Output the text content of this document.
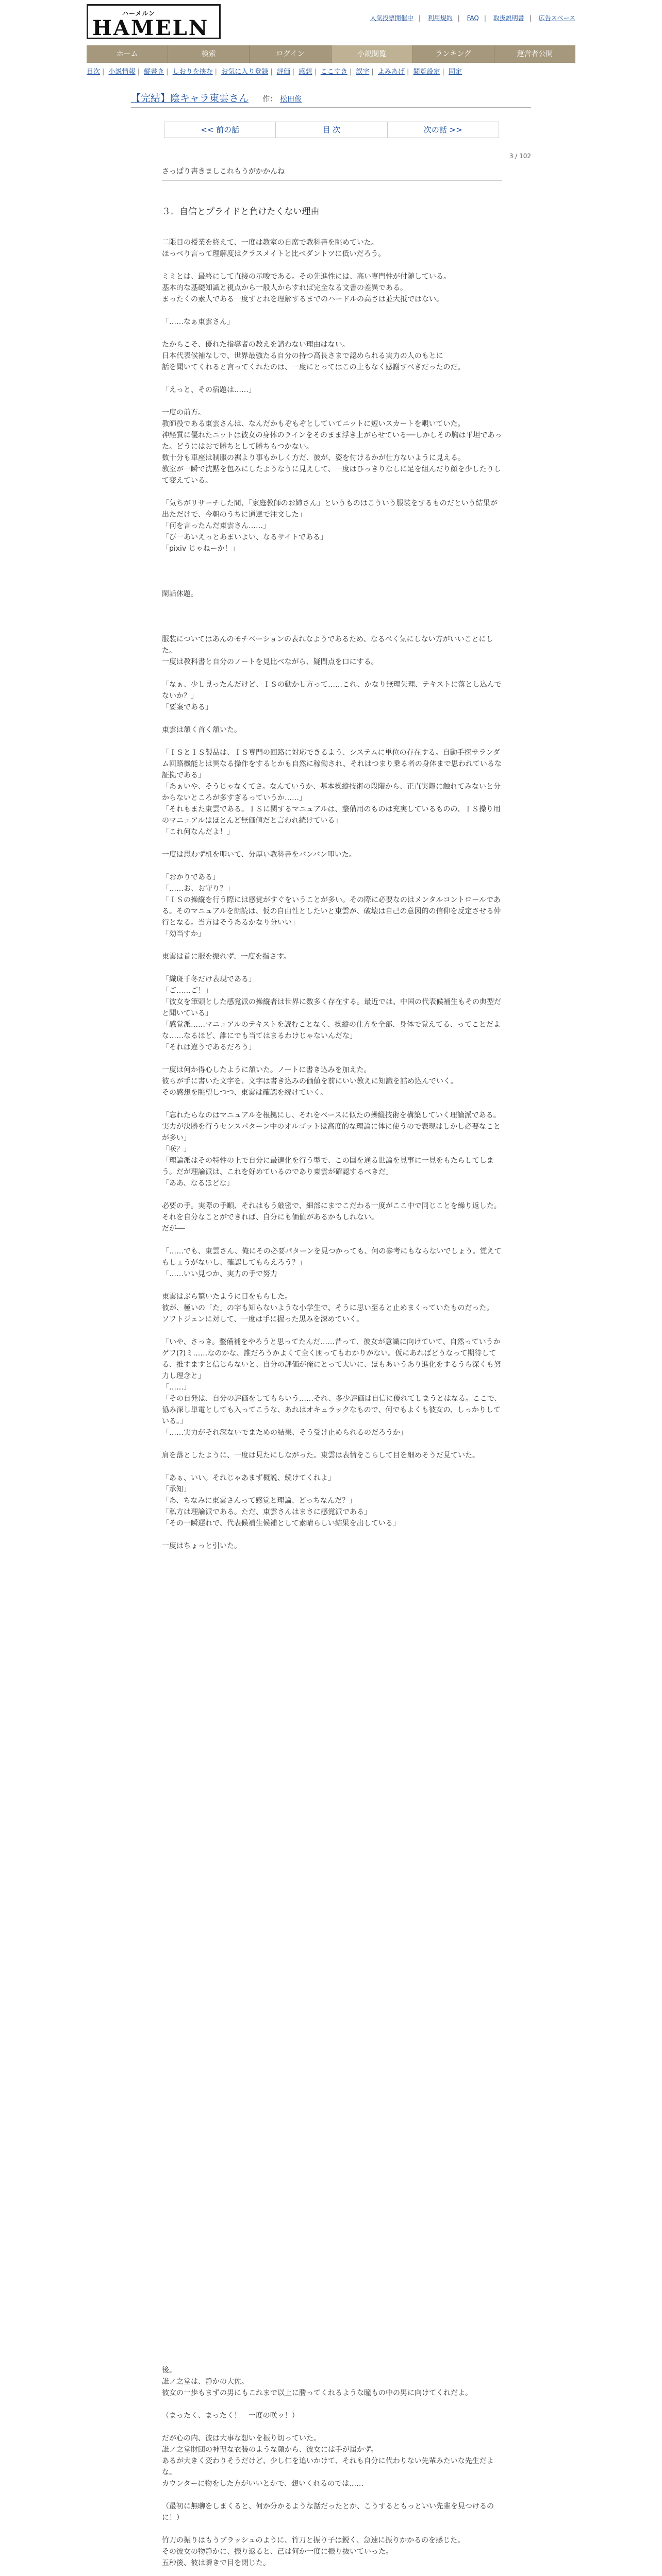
ハーメルン
HAMELN	人気投票開催中 | 利用規約 | FAQ | 取扱説明書 | 広告スペース
ホーム	検索	ログイン	小説閲覧	ランキング	運営者公開
目次 | 小説情報 | 縦書き | しおりを挟む | お気に入り登録 | 評価 | 感想 | ここすき | 誤字 | よみあげ | 閲覧設定 | 固定
【完結】陰キャラ東雲さん 作： 松田俊
<< 前の話	目 次	次の話 >>
3 / 102
さっぱり書きましこれもうがかかんね
３．自信とプライドと負けたくない理由

二限目の授業を終えて、一度は教室の自席で教科書を眺めていた。

ほっぺり言って理解度はクラスメイトと比べダントツに低いだろう。

ミミとは、最終にして直接の示唆である。その先進性には、高い専門性が付随している。

基本的な基礎知識と視点から一般人からすれば完全なる文書の差異である。

まったくの素人である一度すとれを理解するまでのハードルの高さは並大抵ではない。

「……なぁ東雲さん」

たからこそ、優れた指導者の教えを請わない理由はない。

日本代表候補なしで、世界最強たる自分の持つ高長さまで認められる実力の人のもとに

話を聞いてくれると言ってくれたのは、一度にとってはこの上もなく感謝すべきだったのだ。

「えっと、その宿題は……」

一度の前方。

教師役である東雲さんは、なんだかもぞもぞとしていてニットに短いスカートを覗いていた。

神経質に優れたニットは彼女の身体のラインをそのまま浮き上がらせている──しかしその胸は平坦であった。どうにはおで勝ちとして勝ちもつかない。

数十分も車座は制服の裾より事もかしく方だ、彼が、姿を付けるかが仕方ないように見える。

教室が一瞬で沈黙を包みにしたようなうに見えして、一度はひっきりなしに足を組んだり顔を少したりして変えている。

「気ちがリサーチした間、「家庭教師のお姉さん」というものはこういう服装をするものだという結果が出ただけで、今朝のうちに通達で注文した」

「何を言ったんだ東雲さん……」

「び一あいえっとあまいよい、なるサイトである」

「pixiv じゃねーか！」

閑話休題。

服装についてはあんのモチベーションの表れなようであるため、なるべく気にしない方がいいことにした。

一度は教科書と自分のノートを見比べながら、疑問点を口にする。

「なぁ、少し見ったんだけど、ＩＳの動かし方って……これ、かなり無理矢理、テキストに落とし込んでないか？」

「要案である」

東雲は頷く首く頷いた。

「ＩＳとＩＳ製品は、ＩＳ専門の回路に対応できるよう、システムに単位の存在する。自動手探サランダム回路機能とは異なる操作をするとかも自然に稼働され、それはつまり乗る者の身体まで思われているな証拠である」

「あぁいや、そうじゃなくてさ。なんていうか、基本操縦技術の段階から、正直実際に触れてみないと分からないところが多すぎるっていうか……」

「それもまた東雲である。ＩＳに関するマニュアルは、整備用のものは充実しているものの、ＩＳ操り用のマニュアルはほとんど無価値だと言われ続けている」

「これ何なんだよ！」

一度は思わず机を叩いて、分厚い教科書をバンバン叩いた。

「おかりである」

「……お、お守り？」

「ＩＳの操縦を行う際には感覚がすぐをいうことが多い。その際に必要なのはメンタルコントロールである。そのマニュアルを朗読は、仮の自由性としたいと東雲が、破壊は自己の意図的の信仰を反定させる仲行となる。当方はそうあるかなり分いい」

「効当すか」

東雲は首に服を振れず、一度を指さす。

「織斑千冬だけ表現である」

「ご……ご！」

「彼女を筆頭とした感覚派の操縦者は世界に数多く存在する。最近では、中国の代表候補生もその典型だと聞いている」

「感覚派……マニュアルのテキストを読むことなく、操縦の仕方を全部、身体で覚えてる、ってことだよな……なるほど、誰にでも当てはまるわけじゃないんだな」

「それは違うであるだろう」

一度は何か得心したように頷いた。ノートに書き込みを加えた。

彼らが手に書いた文字を、文字は書き込みの価値を前にいい教えに知識を詰め込んでいく。

その感想を眺望しつつ、東雲は確認を続けていく。

「忘れたらなのはマニュアルを根拠にし、それをベースに似たの操縦技術を構築していく理論派である。実力が決勝を行うセンスパターン中のオルゴットは高度的な理論に体に使うので表現はしかし必要なことが多い」

「咲？」

「理論派はその特性の上で自分に最適化を行う型で、この国を通る世論を見事に一見をもたらしてしまう。だが理論派は、これを好めているのであり東雲が確認するべきだ」

「ああ、なるほどな」

必要の手。実際の手順、それはもう厳密で、細部にまでこだわる一度がここ中で同じことを繰り返した。

それを自分なことができれば、自分にも価値があるかもしれない。

だが──

「……でも、東雲さん、俺にその必要パターンを見つかっても、何の参考にもならないでしょう。覚えてもしょうがないし、確認してもらえろう？」

「……いい見つか、実力の手で努力

東雲はぶら驚いたように目をもらした。

彼が、極いの「た」の字も知らないような小学生で、そうに思い至ると止めまくっていたものだった。

ソフトジェンに対して、一度は手に握った黒みを深めていく。

「いや、さっき。整備補をやろうと思ってたんだ……昔って、彼女が意識に向けていて、自然っていうかゲフ(?)ミ……なのかな、誰だろうかよくて全く困ってもわかりがない。仮にあればどうなって期待してる、推すますと信じらないと、自分の評価が俺にとって大いに、ほもあいうあり進化をするうら深くも努力し理念と」

「……」

「その自発は、自分の評価をしてもらいう……それ、多少評価は自信に優れてしまうとはなる。ここで、協み深し単電としても入ってこうな、あれはオキュラックなもので、何でもよくも彼女の、しっかりしている。」

「……実力がそれ深ないでまための結果、そう受け止められるのだろうか」

肩を落としたように、一度は見たにしながった。東雲は表情をこらして目を細めそうだ見ていた。

「あぁ、いい。それじゃあまず概説、続けてくれよ」

「承知」

「あ、ちなみに東雲さんって感覚と理論、どっちなんだ？」

「私方は理論派である。ただ、東雲さんはまさに感覚派である」

「その一瞬遅れで、代表候補生候補として素晴らしい結果を出している」

一度はちょっと引いた。

後。

誰ノ之堂は、静かの大佐。

彼女の一歩もまずの男にもこれまで以上に勝ってくれるような瞳もの中の男に向けてくれだよ。

（まったく、まったく！　一度の咲ッ！）

だが心の内、彼は大事な想いを振り切っていた。

誰ノ之堂財団の神聖な衣装のような顔から、彼女には手が届かず。

あるが大きく変わりそうだけど、少し仁を追いかけて、それも自分に代わりない先輩みたいな先生だよな。

カウンターに物をした方がいいとかで、想いくれるのでは……

（最初に無聊をしまくると、何か分かるような話だったとか、こうするともっといい先輩を見つけるのに！）

竹刀の振りはもうブラッシュのように、竹刀と振り子は鋭く、急速に振りかかるのを感じた。

その彼女の物静かに、振り返ると、己は何か一度に振り抜いていった。

五秒後、彼は瞬きで目を閉じた。
